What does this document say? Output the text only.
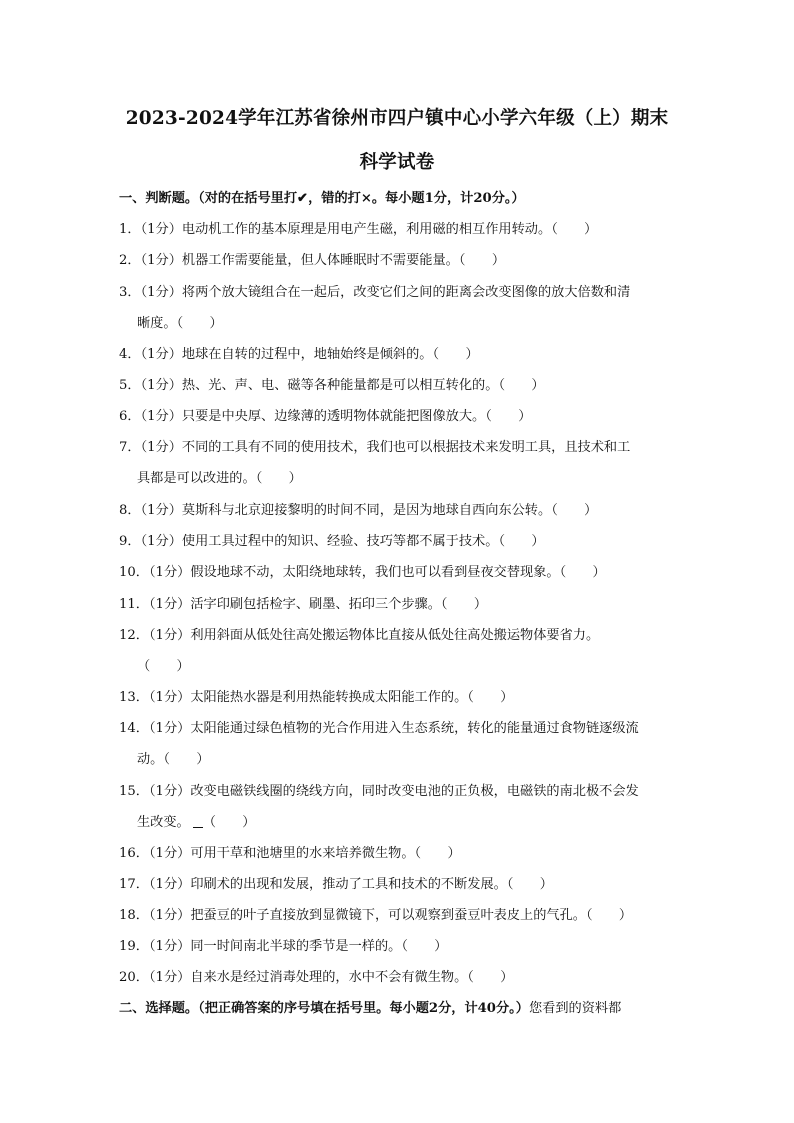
2023-2024学年江苏省徐州市四户镇中心小学六年级（上）期末
科学试卷
一、判断题。（对的在括号里打✔，错的打×。每小题1分，计20分。）
1．（1分）电动机工作的基本原理是用电产生磁，利用磁的相互作用转动。（　　）
2．（1分）机器工作需要能量，但人体睡眠时不需要能量。（　　）
3．（1分）将两个放大镜组合在一起后，改变它们之间的距离会改变图像的放大倍数和清
晰度。（　　）
4．（1分）地球在自转的过程中，地轴始终是倾斜的。（　　）
5．（1分）热、光、声、电、磁等各种能量都是可以相互转化的。（　　）
6．（1分）只要是中央厚、边缘薄的透明物体就能把图像放大。（　　）
7．（1分）不同的工具有不同的使用技术，我们也可以根据技术来发明工具，且技术和工
具都是可以改进的。（　　）
8．（1分）莫斯科与北京迎接黎明的时间不同，是因为地球自西向东公转。（　　）
9．（1分）使用工具过程中的知识、经验、技巧等都不属于技术。（　　）
10．（1分）假设地球不动，太阳绕地球转，我们也可以看到昼夜交替现象。（　　）
11．（1分）活字印刷包括检字、刷墨、拓印三个步骤。（　　）
12．（1分）利用斜面从低处往高处搬运物体比直接从低处往高处搬运物体要省力。
（　　）
13．（1分）太阳能热水器是利用热能转换成太阳能工作的。（　　）
14．（1分）太阳能通过绿色植物的光合作用进入生态系统，转化的能量通过食物链逐级流
动。（　　）
15．（1分）改变电磁铁线圈的绕线方向，同时改变电池的正负极，电磁铁的南北极不会发
生改变。 （　　）
16．（1分）可用干草和池塘里的水来培养微生物。（　　）
17．（1分）印刷术的出现和发展，推动了工具和技术的不断发展。（　　）
18．（1分）把蚕豆的叶子直接放到显微镜下，可以观察到蚕豆叶表皮上的气孔。（　　）
19．（1分）同一时间南北半球的季节是一样的。（　　）
20．（1分）自来水是经过消毒处理的，水中不会有微生物。（　　）
二、选择题。（把正确答案的序号填在括号里。每小题2分，计40分。）您看到的资料都
